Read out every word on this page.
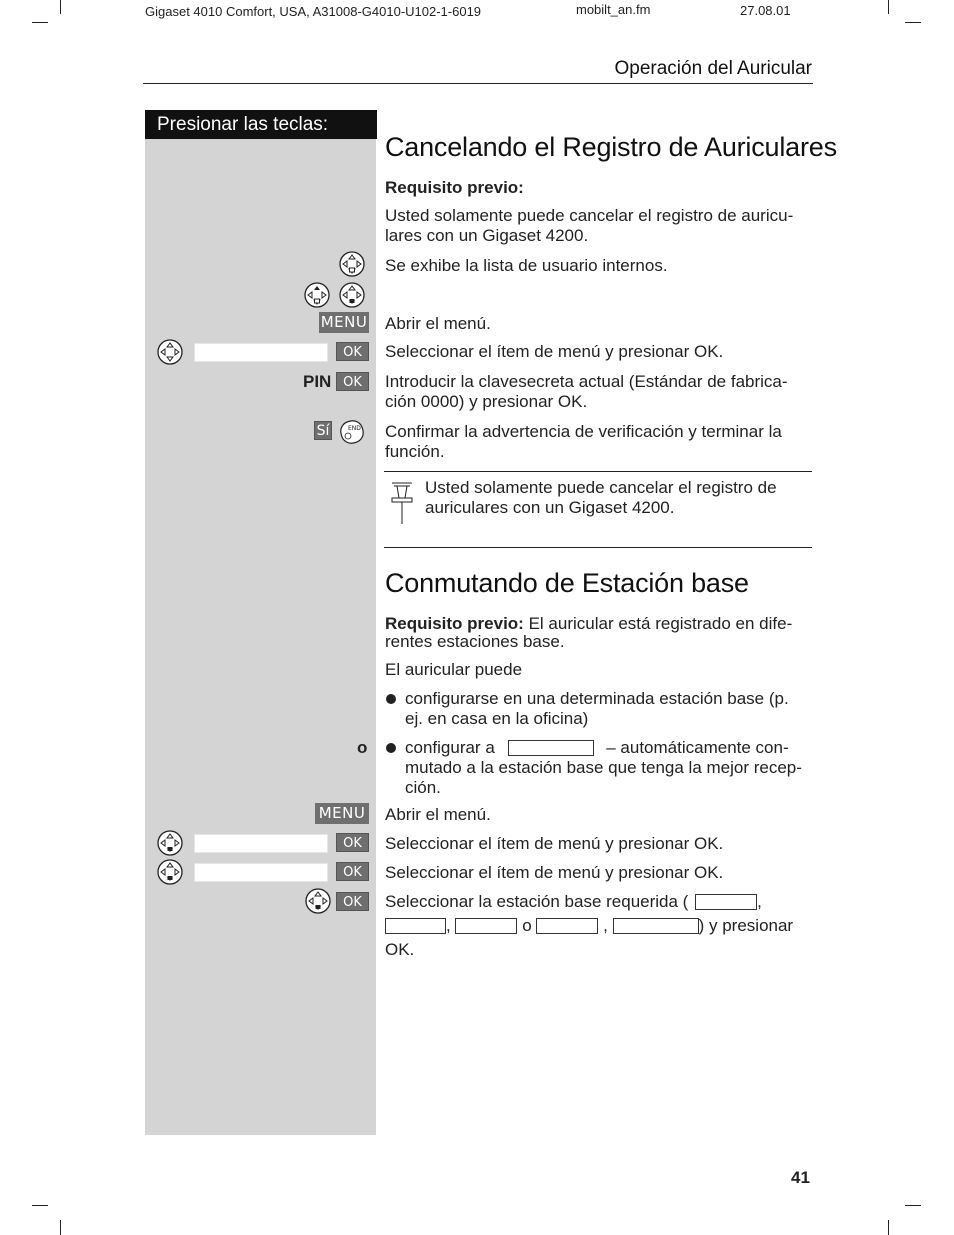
Gigaset 4010 Comfort, USA, A31008-G4010-U102-1-6019	mobilt_an.fm	27.08.01
Operación del Auricular
Presionar las teclas:
Cancelando el Registro de Auriculares
Requisito previo:
Usted solamente puede cancelar el registro de auricu-
lares con un Gigaset 4200.
Se exhibe la lista de usuario internos.
MENU Abrir el menú.
OK	Seleccionar el ítem de menú y presionar OK.
PIN OK	Introducir la clavesecreta actual (Estándar de fabrica-
ción 0000) y presionar OK.
Sí	END Confirmar la advertencia de verificación y terminar la
función.
Usted solamente puede cancelar el registro de
auriculares con un Gigaset 4200.
Conmutando de Estación base
Requisito previo: El auricular está registrado en dife-
rentes estaciones base.
El auricular puede
configurarse en una determinada estación base (p.
ej. en casa en la oficina)
o configurar a	– automáticamente con-
mutado a la estación base que tenga la mejor recep-
ción.
MENU Abrir el menú.
OK	Seleccionar el ítem de menú y presionar OK.
OK	Seleccionar el ítem de menú y presionar OK.
OK	Seleccionar la estación base requerida (	,
,	o	,	) y presionar
OK.
41
